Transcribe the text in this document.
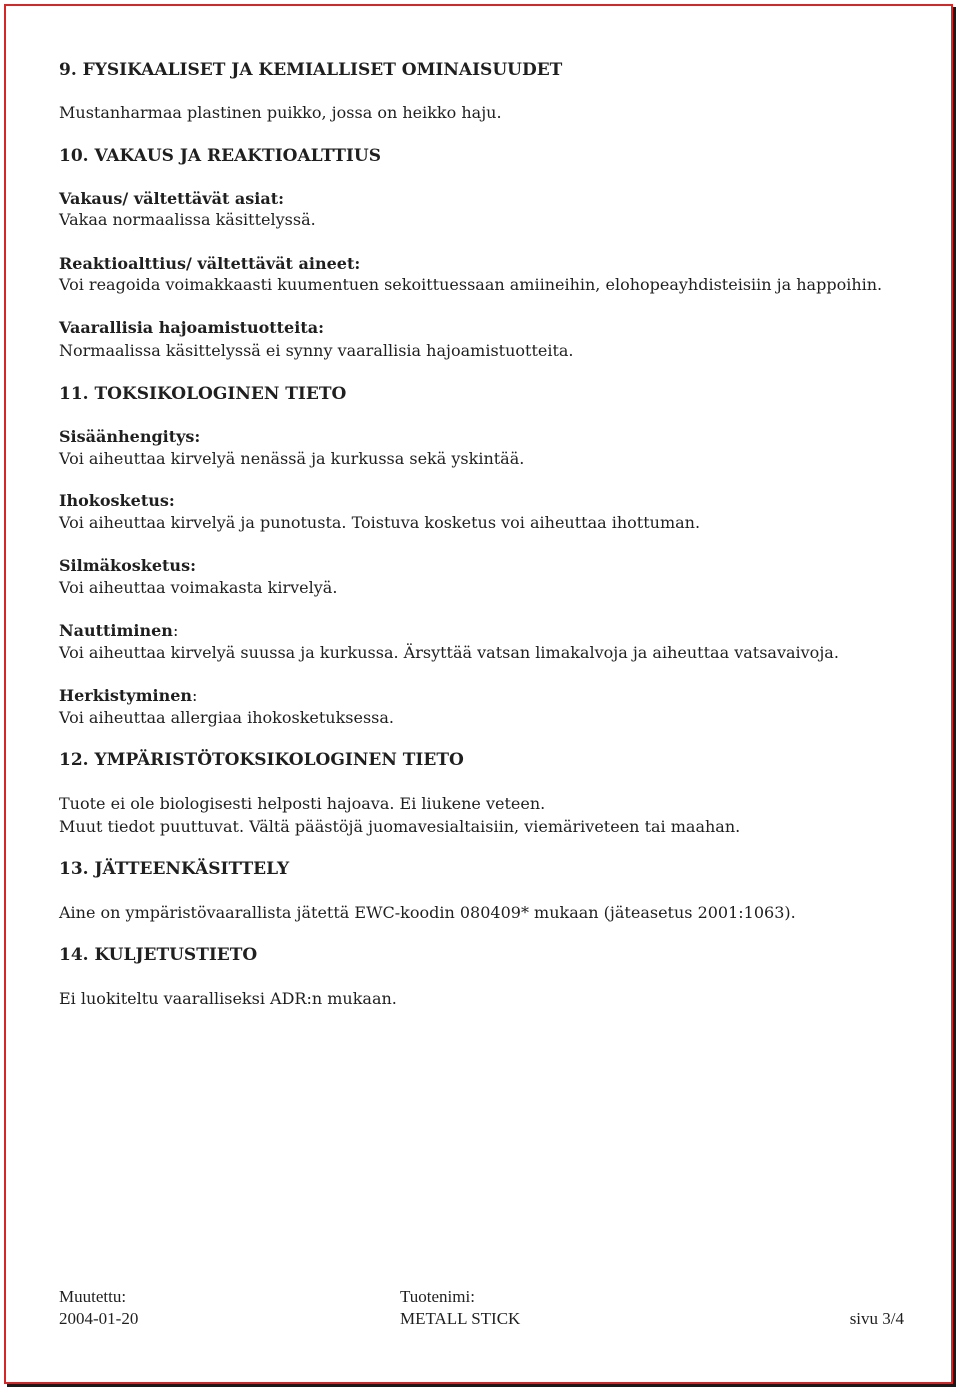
9. FYSIKAALISET JA KEMIALLISET OMINAISUUDET
Mustanharmaa plastinen puikko, jossa on heikko haju.
10. VAKAUS JA REAKTIOALTTIUS
Vakaus/ vältettävät asiat:
Vakaa normaalissa käsittelyssä.
Reaktioalttius/ vältettävät aineet:
Voi reagoida voimakkaasti kuumentuen sekoittuessaan amiineihin, elohopeayhdisteisiin ja happoihin.
Vaarallisia hajoamistuotteita:
Normaalissa käsittelyssä ei synny vaarallisia hajoamistuotteita.
11. TOKSIKOLOGINEN TIETO
Sisäänhengitys:
Voi aiheuttaa kirvelyä nenässä ja kurkussa sekä yskintää.
Ihokosketus:
Voi aiheuttaa kirvelyä ja punotusta. Toistuva kosketus voi aiheuttaa ihottuman.
Silmäkosketus:
Voi aiheuttaa voimakasta kirvelyä.
Nauttiminen:
Voi aiheuttaa kirvelyä suussa ja kurkussa. Ärsyttää vatsan limakalvoja ja aiheuttaa vatsavaivoja.
Herkistyminen:
Voi aiheuttaa allergiaa ihokosketuksessa.
12. YMPÄRISTÖTOKSIKOLOGINEN TIETO
Tuote ei ole biologisesti helposti hajoava. Ei liukene veteen.
Muut tiedot puuttuvat. Vältä päästöjä juomavesialtaisiin, viemäriveteen tai maahan.
13. JÄTTEENKÄSITTELY
Aine on ympäristövaarallista jätettä EWC-koodin 080409* mukaan (jäteasetus 2001:1063).
14. KULJETUSTIETO
Ei luokiteltu vaaralliseksi ADR:n mukaan.
Muutettu:	Tuotenimi:
2004-01-20	METALL STICK	sivu 3/4
